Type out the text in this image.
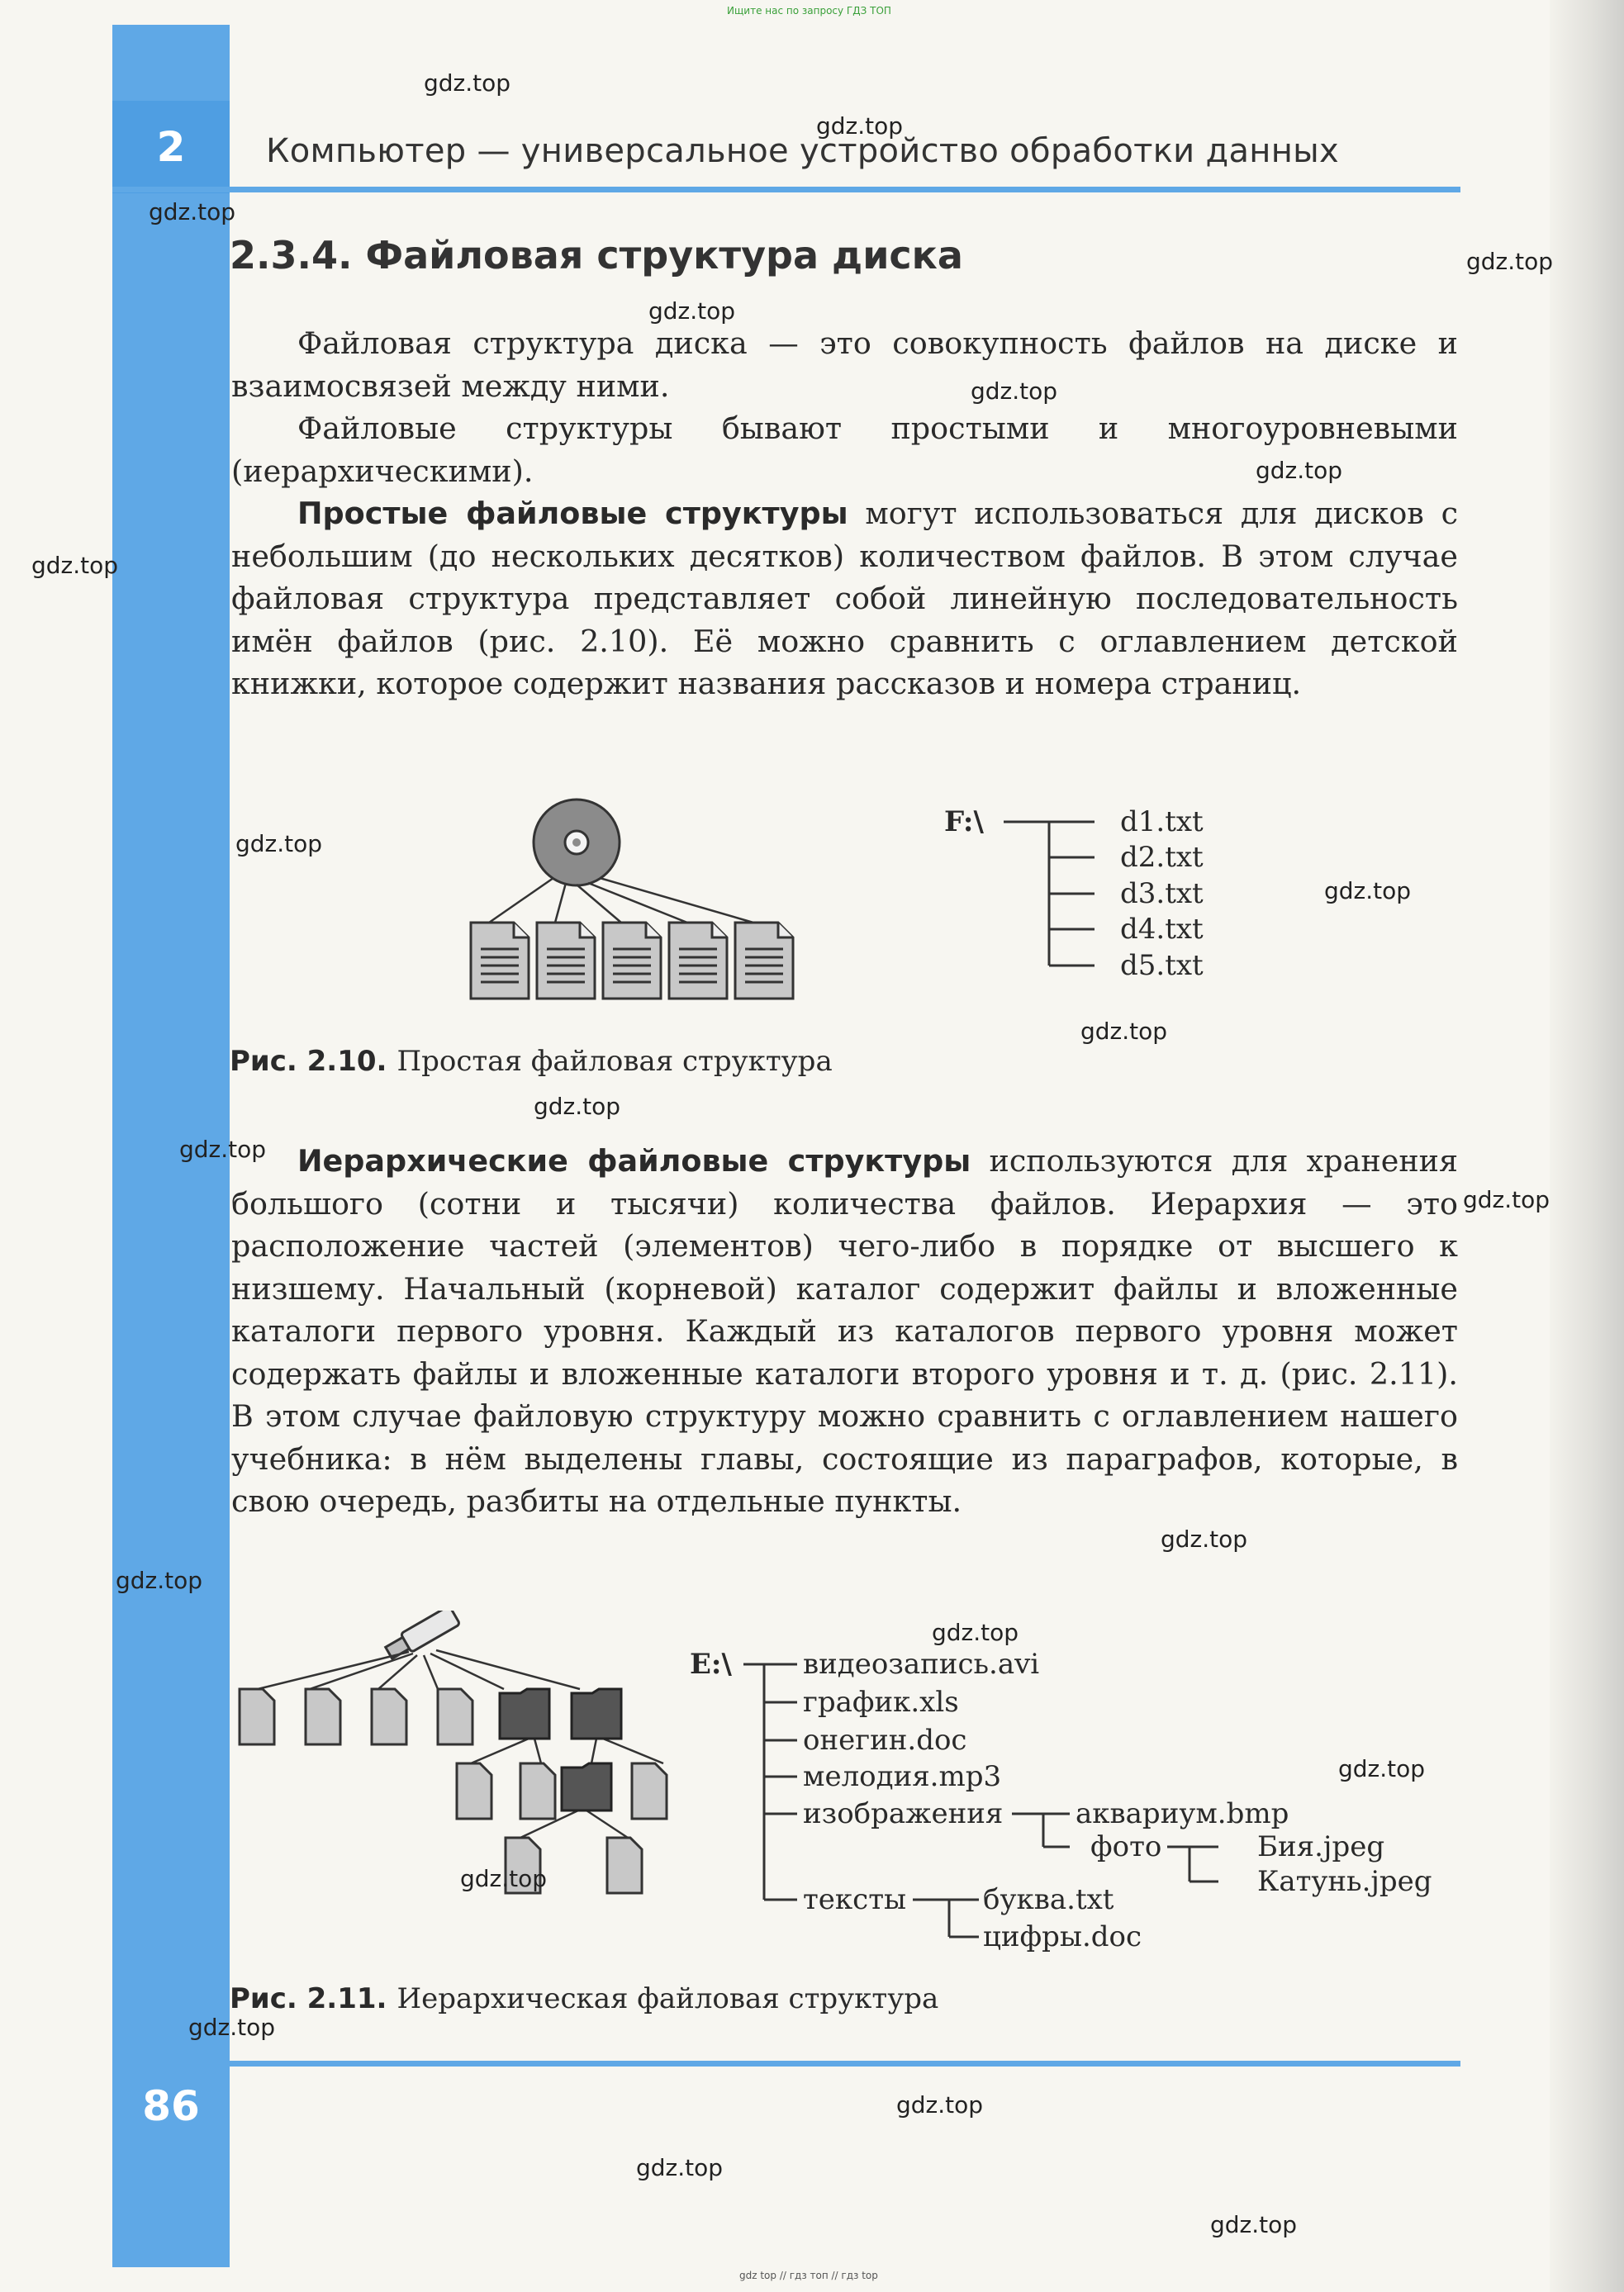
Ищите нас по запросу ГДЗ ТОП
2	Компьютер — универсальное устройство обработки данных
2.3.4. Файловая структура диска
Файловая структура диска — это совокупность файлов на диске и взаимосвязей между ними.
Файловые структуры бывают простыми и многоуровневыми (иерархическими).
Простые файловые структуры могут использоваться для дисков с небольшим (до нескольких десятков) количеством файлов. В этом случае файловая структура представляет собой линейную последовательность имён файлов (рис. 2.10). Её можно сравнить с оглавлением детской книжки, которое содержит названия рассказов и номера страниц.
F:\	d1.txt
d2.txt
d3.txt
d4.txt
d5.txt
Рис. 2.10. Простая файловая структура
Иерархические файловые структуры используются для хранения большого (сотни и тысячи) количества файлов. Иерархия — это расположение частей (элементов) чего-либо в порядке от высшего к низшему. Начальный (корневой) каталог содержит файлы и вложенные каталоги первого уровня. Каждый из каталогов первого уровня может содержать файлы и вложенные каталоги второго уровня и т. д. (рис. 2.11). В этом случае файловую структуру можно сравнить с оглавлением нашего учебника: в нём выделены главы, состоящие из параграфов, которые, в свою очередь, разбиты на отдельные пункты.
E:\	видеозапись.avi
график.xls
онегин.doc
мелодия.mp3
изображения	аквариум.bmp
фото	Бия.jpeg
Катунь.jpeg
тексты	буква.txt
цифры.doc
Рис. 2.11. Иерархическая файловая структура
86
gdz.top
gdz.top
gdz.top
gdz.top
gdz.top
gdz.top
gdz.top
gdz.top
gdz.top
gdz.top
gdz.top
gdz.top
gdz.top
gdz.top
gdz.top
gdz.top
gdz.top
gdz.top
gdz.top
gdz.top
gdz.top
gdz.top
gdz.top
gdz top // гдз топ // гдз top
